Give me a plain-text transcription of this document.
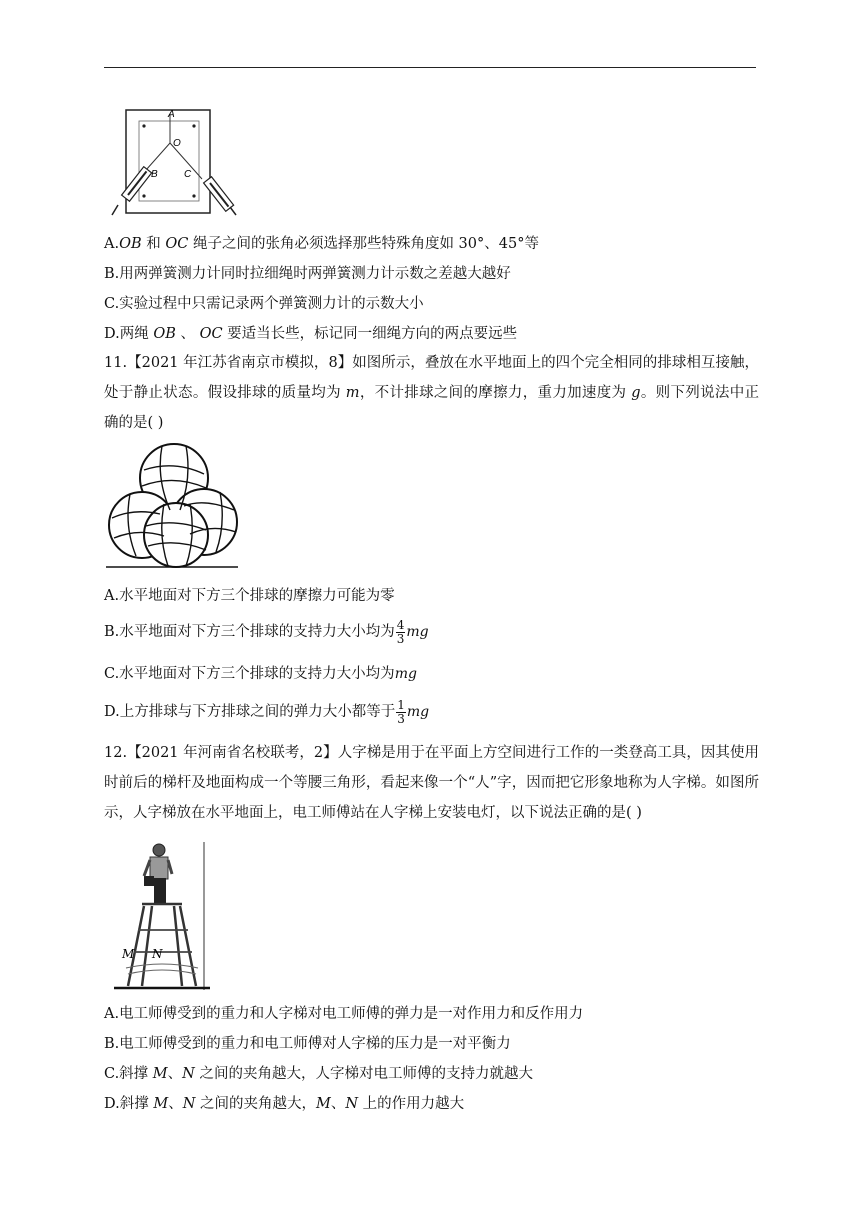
A
O
B	C
A.OB 和 OC 绳子之间的张角必须选择那些特殊角度如 30°、45°等
B.用两弹簧测力计同时拉细绳时两弹簧测力计示数之差越大越好
C.实验过程中只需记录两个弹簧测力计的示数大小
D.两绳 OB 、 OC 要适当长些，标记同一细绳方向的两点要远些
11.【2021 年江苏省南京市模拟，8】如图所示，叠放在水平地面上的四个完全相同的排球相互接触，处于静止状态。假设排球的质量均为 m，不计排球之间的摩擦力，重力加速度为 g。则下列说法中正确的是( )
A.水平地面对下方三个排球的摩擦力可能为零
B.水平地面对下方三个排球的支持力大小均为 $\frac{4}{3}$ mg
C.水平地面对下方三个排球的支持力大小均为mg
D.上方排球与下方排球之间的弹力大小都等于 $\frac{1}{3}$ mg
12.【2021 年河南省名校联考，2】人字梯是用于在平面上方空间进行工作的一类登高工具，因其使用时前后的梯杆及地面构成一个等腰三角形，看起来像一个“人”字，因而把它形象地称为人字梯。如图所示，人字梯放在水平地面上，电工师傅站在人字梯上安装电灯，以下说法正确的是( )
M N
A.电工师傅受到的重力和人字梯对电工师傅的弹力是一对作用力和反作用力
B.电工师傅受到的重力和电工师傅对人字梯的压力是一对平衡力
C.斜撑 M、N 之间的夹角越大，人字梯对电工师傅的支持力就越大
D.斜撑 M、N 之间的夹角越大，M、N 上的作用力越大
